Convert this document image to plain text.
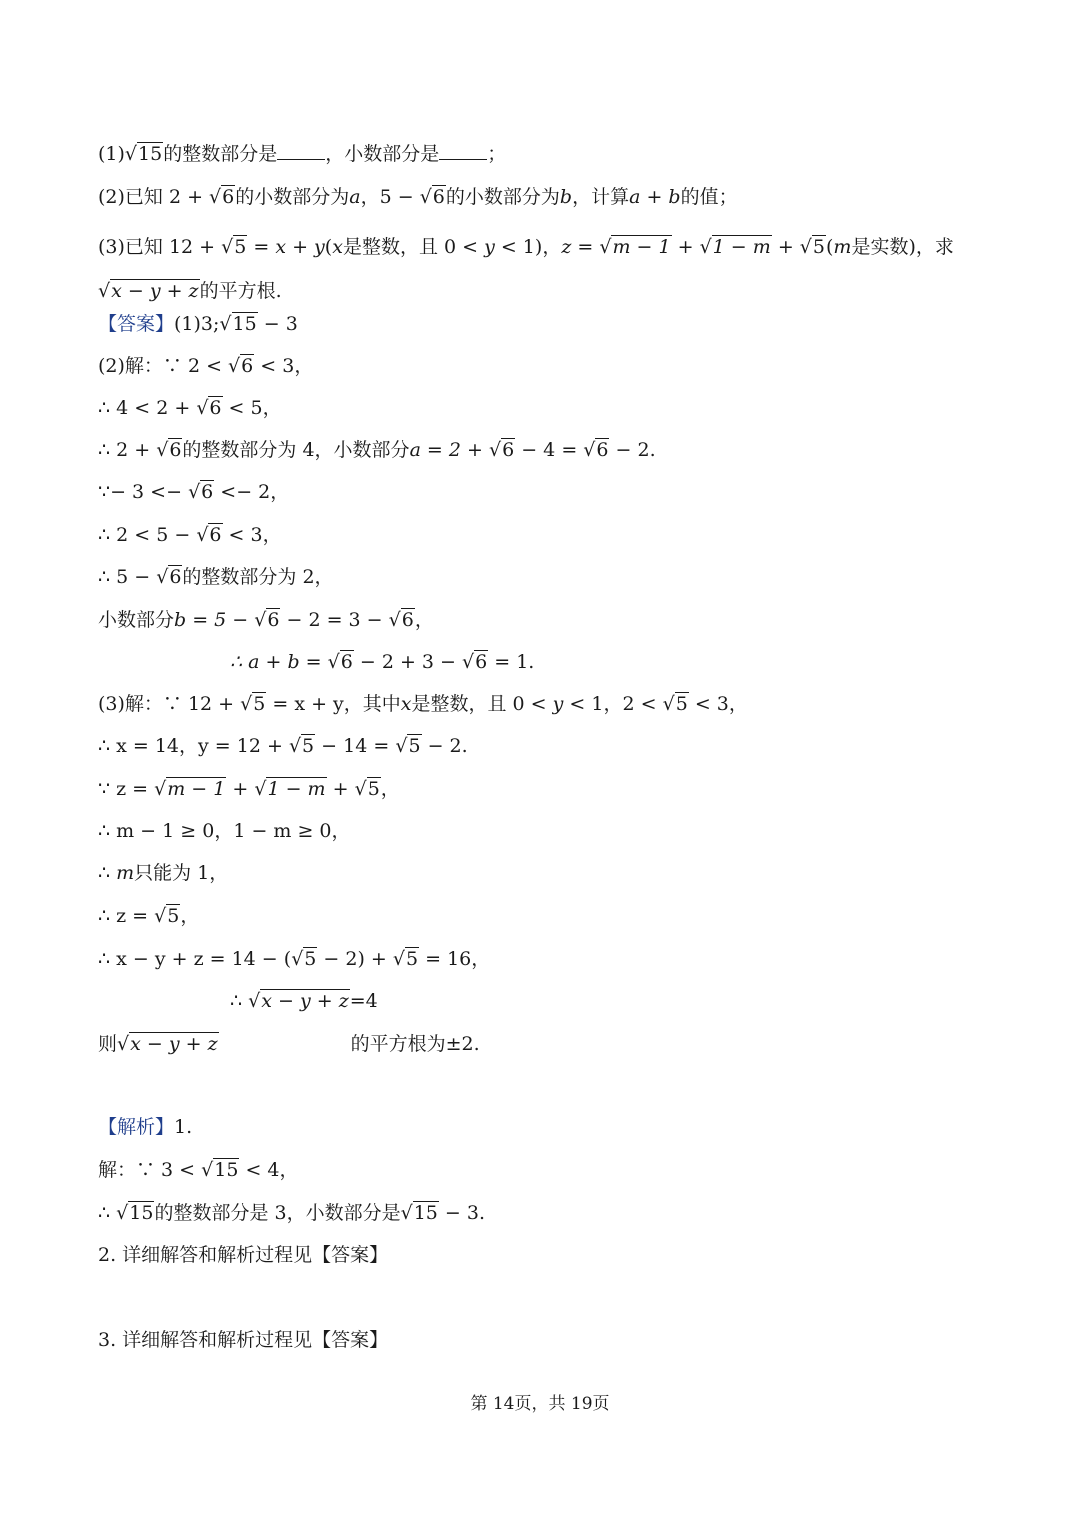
(1)√15的整数部分是	，小数部分是	；
(2)已知 2 + √6的小数部分为a，5 − √6的小数部分为b，计算a + b的值；
(3)已知 12 + √5 = x + y(x是整数，且 0 < y < 1)，z = √m − 1 + √1 − m + √5(m是实数)，求√x − y + z的平方根.
【答案】(1)3;√15 − 3
(2)解：∵ 2 < √6 < 3，
∴ 4 < 2 + √6 < 5，
∴ 2 + √6的整数部分为 4，小数部分a = 2 + √6 − 4 = √6 − 2.
∵− 3 <− √6 <− 2，
∴ 2 < 5 − √6 < 3，
∴ 5 − √6的整数部分为 2，
小数部分b = 5 − √6 − 2 = 3 − √6，
∴ a + b = √6 − 2 + 3 − √6 = 1.
(3)解：∵ 12 + √5 = x + y，其中x是整数，且 0 < y < 1，2 < √5 < 3，
∴ x = 14，y = 12 + √5 − 14 = √5 − 2.
∵ z = √m − 1 + √1 − m + √5，
∴ m − 1 ≥ 0，1 − m ≥ 0，
∴ m只能为 1，
∴ z = √5，
∴ x − y + z = 14 − (√5 − 2) + √5 = 16，
∴ √x − y + z=4
则√x − y + z	的平方根为±2.
【解析】1.
解：∵ 3 < √15 < 4，
∴ √15的整数部分是 3，小数部分是√15 − 3.
2. 详细解答和解析过程见【答案】
3. 详细解答和解析过程见【答案】
第 14页，共 19页
